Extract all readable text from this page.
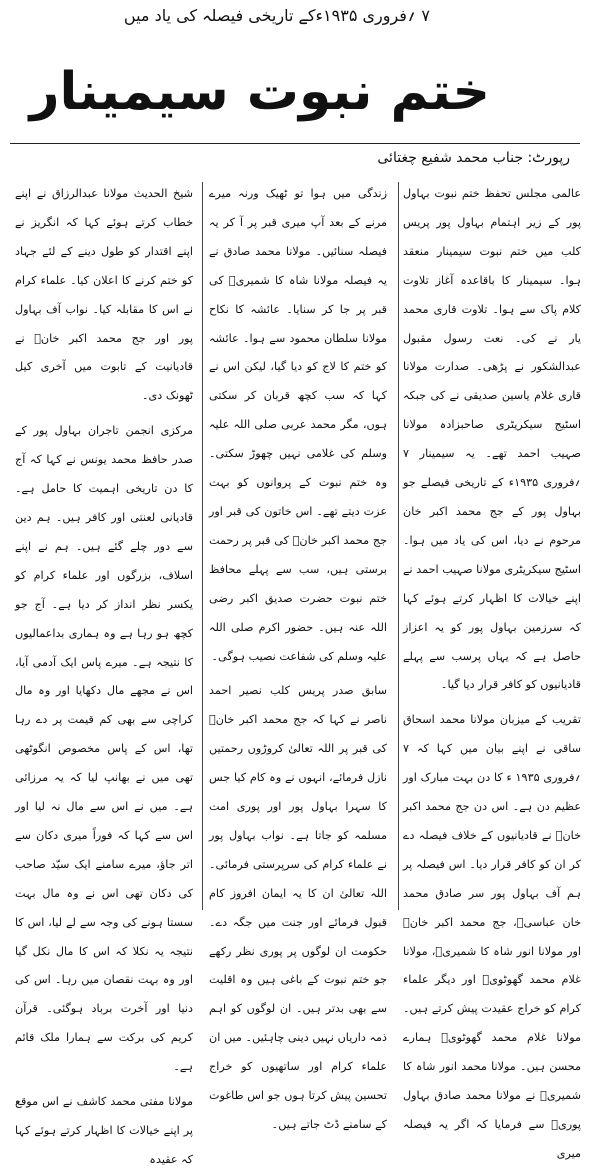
۷ ؍فروری ۱۹۳۵ءکے تاریخی فیصلہ کی یاد میں
ختم نبوت سیمینار
رپورٹ: جناب محمد شفیع چغتائی

عالمی مجلس تحفظ ختم نبوت بہاول پور کے زیر اہتمام بہاول پور پریس کلب میں ختم نبوت سیمینار منعقد ہوا۔ سیمینار کا باقاعدہ آغاز تلاوت کلام پاک سے ہوا۔ تلاوت قاری محمد یار نے کی۔ نعت رسول مقبول عبدالشکور نے پڑھی۔ صدارت مولانا قاری غلام یاسین صدیقی نے کی جبکہ اسٹیج سیکریٹری صاحبزادہ مولانا صہیب احمد تھے۔ یہ سیمینار ۷ ؍فروری ۱۹۳۵ء کے تاریخی فیصلے جو بہاول پور کے جج محمد اکبر خان مرحوم نے دیا، اس کی یاد میں ہوا۔ اسٹیج سیکریٹری مولانا صہیب احمد نے اپنے خیالات کا اظہار کرتے ہوئے کہا کہ سرزمین بہاول پور کو یہ اعزاز حاصل ہے کہ یہاں پرسب سے پہلے قادیانیوں کو کافر قرار دیا گیا۔

تقریب کے میزبان مولانا محمد اسحاق ساقی نے اپنے بیان میں کہا کہ ۷ ؍فروری ۱۹۳۵ ء کا دن بہت مبارک اور عظیم دن ہے۔ اس دن جج محمد اکبر خانؒ نے قادیانیوں کے خلاف فیصلہ دے کر ان کو کافر قرار دیا۔ اس فیصلہ پر ہم آف بہاول پور سر صادق محمد خان عباسیؒ، جج محمد اکبر خانؒ اور مولانا انور شاہ کا شمیریؒ، مولانا غلام محمد گھوٹویؒ اور دیگر علماء کرام کو خراج عقیدت پیش کرتے ہیں۔ مولانا غلام محمد گھوٹویؒ ہمارے محسن ہیں۔ مولانا محمد انور شاہ کا شمیریؒ نے مولانا محمد صادق بہاول پوریؒ سے فرمایا کہ اگر یہ فیصلہ میری

زندگی میں ہوا تو ٹھیک ورنہ میرے مرنے کے بعد آپ میری قبر پر آ کر یہ فیصلہ سنائیں۔ مولانا محمد صادق نے یہ فیصلہ مولانا شاہ کا شمیریؒ کی قبر پر جا کر سنایا۔ عائشہ کا نکاح مولانا سلطان محمود سے ہوا۔ عائشہ کو ختم کا لاج کو دیا گیا، لیکن اس نے کہا کہ سب کچھ قربان کر سکتی ہوں، مگر محمد عربی صلی اللہ علیہ وسلم کی غلامی نہیں چھوڑ سکتی۔ وہ ختم نبوت کے پروانوں کو بہت عزت دیتے تھے۔ اس خاتون کی قبر اور جج محمد اکبر خانؒ کی قبر پر رحمت برستی ہیں، سب سے پہلے محافظ ختم نبوت حضرت صدیق اکبر رضی اللہ عنہ ہیں۔ حضور اکرم صلی اللہ علیہ وسلم کی شفاعت نصیب ہوگی۔

سابق صدر پریس کلب نصیر احمد ناصر نے کہا کہ جج محمد اکبر خانؒ کی قبر پر اللہ تعالیٰ کروڑوں رحمتیں نازل فرمائے، انہوں نے وہ کام کیا جس کا سہرا بہاول پور اور پوری امت مسلمہ کو جاتا ہے۔ نواب بہاول پور نے علماء کرام کی سرپرستی فرمائی۔ اللہ تعالیٰ ان کا یہ ایمان افروز کام قبول فرمائے اور جنت میں جگہ دے۔ حکومت ان لوگوں پر پوری نظر رکھے جو ختم نبوت کے باغی ہیں وہ اقلیت سے بھی بدتر ہیں۔ ان لوگوں کو اہم ذمہ داریاں نہیں دینی چاہئیں۔ میں ان علماء کرام اور ساتھیوں کو خراج تحسین پیش کرتا ہوں جو اس طاغوت کے سامنے ڈٹ جاتے ہیں۔

شیخ الحدیث مولانا عبدالرزاق نے اپنے خطاب کرتے ہوئے کہا کہ انگریز نے اپنے اقتدار کو طول دینے کے لئے جہاد کو ختم کرنے کا اعلان کیا۔ علماء کرام نے اس کا مقابلہ کیا۔ نواب آف بہاول پور اور جج محمد اکبر خانؒ نے قادیانیت کے تابوت میں آخری کیل ٹھونک دی۔

مرکزی انجمن تاجران بہاول پور کے صدر حافظ محمد یونس نے کہا کہ آج کا دن تاریخی اہمیت کا حامل ہے۔ قادیانی لعنتی اور کافر ہیں۔ ہم دین سے دور چلے گئے ہیں۔ ہم نے اپنے اسلاف، بزرگوں اور علماء کرام کو یکسر نظر انداز کر دیا ہے۔ آج جو کچھ ہو رہا ہے وہ ہماری بداعمالیوں کا نتیجہ ہے۔ میرے پاس ایک آدمی آیا، اس نے مجھے مال دکھایا اور وہ مال کراچی سے بھی کم قیمت پر دے رہا تھا، اس کے پاس مخصوص انگوٹھی تھی میں نے بھانپ لیا کہ یہ مرزائی ہے۔ میں نے اس سے مال نہ لیا اور اس سے کہا کہ فوراً میری دکان سے اتر جاؤ، میرے سامنے ایک سیّد صاحب کی دکان تھی اس نے وہ مال بہت سستا ہونے کی وجہ سے لے لیا، اس کا نتیجہ یہ نکلا کہ اس کا مال نکل گیا اور وہ بہت نقصان میں رہا۔ اس کی دنیا اور آخرت برباد ہوگئی۔ قرآن کریم کی برکت سے ہمارا ملک قائم ہے۔

مولانا مفتی محمد کاشف نے اس موقع پر اپنے خیالات کا اظہار کرتے ہوئے کہا کہ عقیدہ
